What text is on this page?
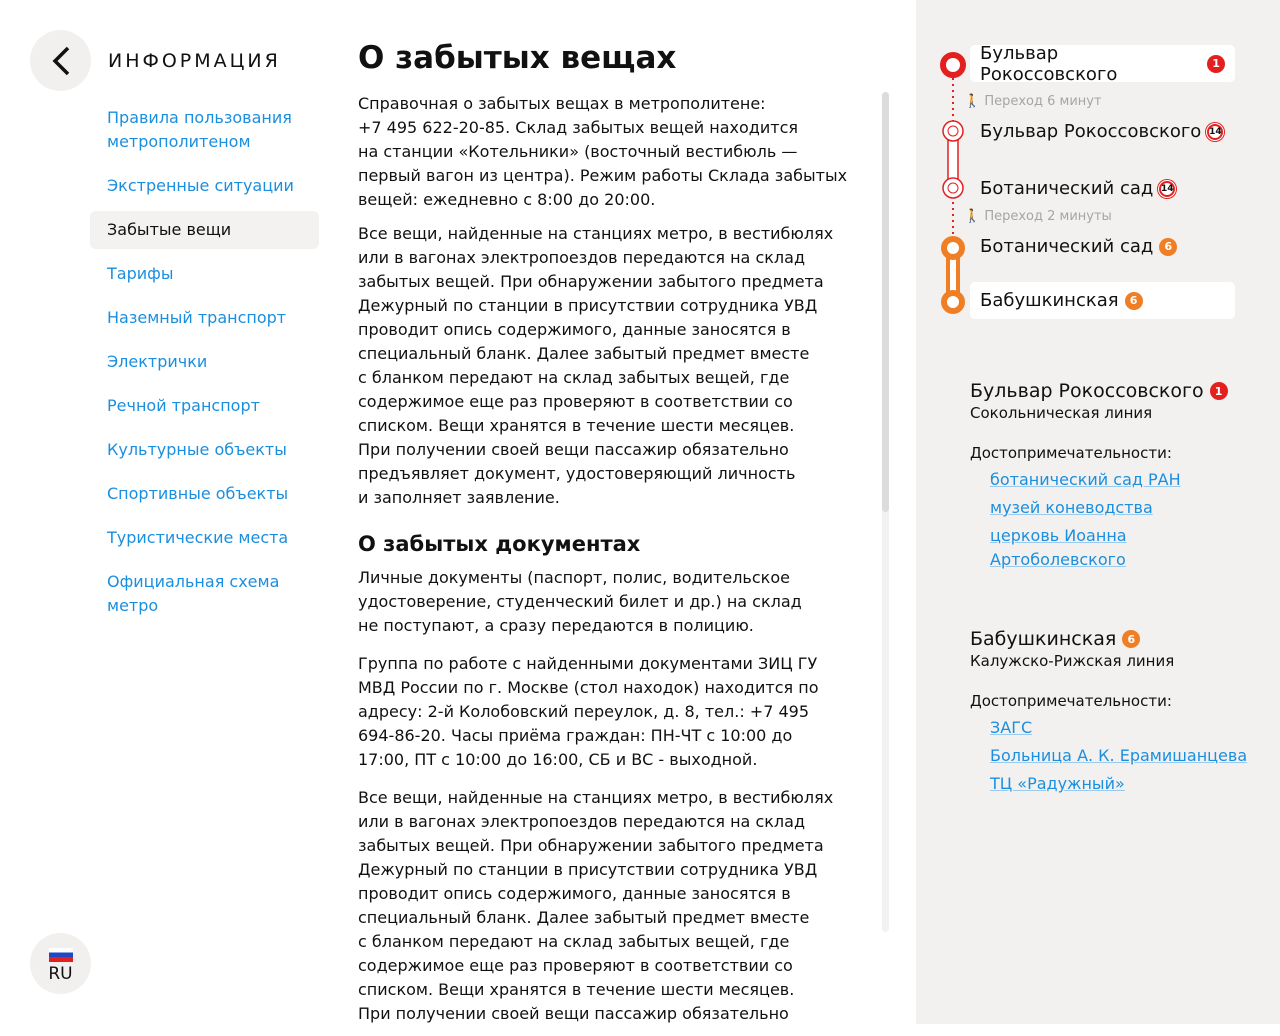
ИНФОРМАЦИЯ
Правила пользования
метрополитеном
Экстренные ситуации
Забытые вещи
Тарифы
Наземный транспорт
Электрички
Речной транспорт
Культурные объекты
Спортивные объекты
Туристические места
Официальная схема
метро
RU
О забытых вещах

Справочная о забытых вещах в метрополитене:
+7 495 622-20-85. Склад забытых вещей находится
на станции «Котельники» (восточный вестибюль —
первый вагон из центра). Режим работы Склада забытых
вещей: ежедневно с 8:00 до 20:00.

Все вещи, найденные на станциях метро, в вестибюлях
или в вагонах электропоездов передаются на склад
забытых вещей. При обнаружении забытого предмета
Дежурный по станции в присутствии сотрудника УВД
проводит опись содержимого, данные заносятся в
специальный бланк. Далее забытый предмет вместе
с бланком передают на склад забытых вещей, где
содержимое еще раз проверяют в соответствии со
списком. Вещи хранятся в течение шести месяцев.
При получении своей вещи пассажир обязательно
предъявляет документ, удостоверяющий личность
и заполняет заявление.

О забытых документах

Личные документы (паспорт, полис, водительское
удостоверение, студенческий билет и др.) на склад
не поступают, а сразу передаются в полицию.

Группа по работе с найденными документами ЗИЦ ГУ
МВД России по г. Москве (стол находок) находится по
адресу: 2-й Колобовский переулок, д. 8, тел.: +7 495
694-86-20. Часы приёма граждан: ПН-ЧТ с 10:00 до
17:00, ПТ с 10:00 до 16:00, СБ и ВС - выходной.

Все вещи, найденные на станциях метро, в вестибюлях
или в вагонах электропоездов передаются на склад
забытых вещей. При обнаружении забытого предмета
Дежурный по станции в присутствии сотрудника УВД
проводит опись содержимого, данные заносятся в
специальный бланк. Далее забытый предмет вместе
с бланком передают на склад забытых вещей, где
содержимое еще раз проверяют в соответствии со
списком. Вещи хранятся в течение шести месяцев.
При получении своей вещи пассажир обязательно

Бульвар Рокоссовского	1
🚶 Переход 6 минут
Бульвар Рокоссовского 14
Ботанический сад 14
🚶 Переход 2 минуты
Ботанический сад	6
Бабушкинская	6
Бульвар Рокоссовского	1
Сокольническая линия
Достопримечательности:
ботанический сад РАН
музей коневодства
церковь Иоанна
Артоболевского
Бабушкинская	6
Калужско-Рижская линия
Достопримечательности:
ЗАГС
Больница А. К. Ерамишанцева
ТЦ «Радужный»
